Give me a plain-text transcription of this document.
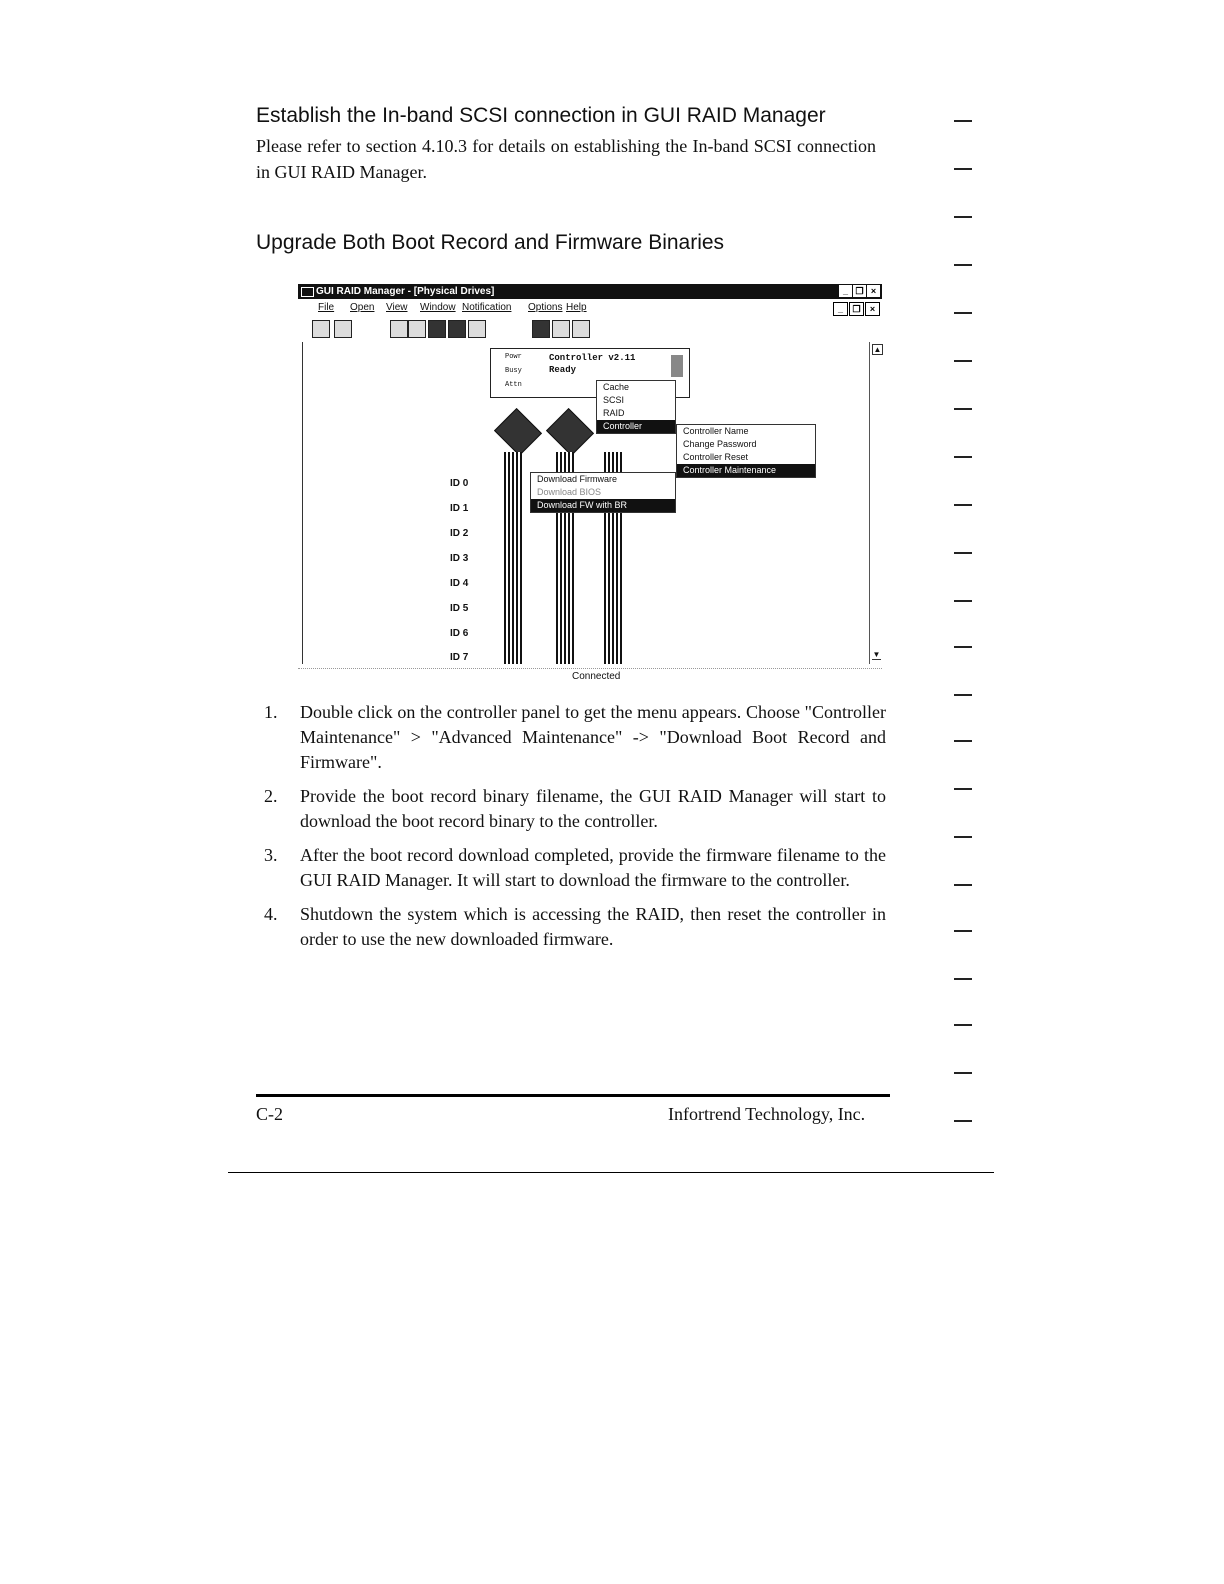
Establish the In-band SCSI connection in GUI RAID Manager

Please refer to section 4.10.3 for details on establishing the In-band SCSI connection in GUI RAID Manager.

Upgrade Both Boot Record and Firmware Binaries
GUI RAID Manager - [Physical Drives]	_ ❐ ×
File Open View Window Notification Options Help	_	❐	×
▲
▼
Controller v2.11
Ready
Powr
Busy
Attn
ID 0
ID 1
ID 2
ID 3
ID 4
ID 5
ID 6
ID 7
Cache
SCSI
RAID
Controller	Controller Name
Change Password
Controller Reset
Controller Maintenance
Download Firmware
Download BIOS
Download FW with BR
Connected
1. Double click on the controller panel to get the menu appears. Choose "Controller Maintenance" > "Advanced Maintenance" -> "Download Boot Record and Firmware".
2. Provide the boot record binary filename, the GUI RAID Manager will start to download the boot record binary to the controller.
3. After the boot record download completed, provide the firmware filename to the GUI RAID Manager. It will start to download the firmware to the controller.
4. Shutdown the system which is accessing the RAID, then reset the controller in order to use the new downloaded firmware.
C-2	Infortrend Technology, Inc.
